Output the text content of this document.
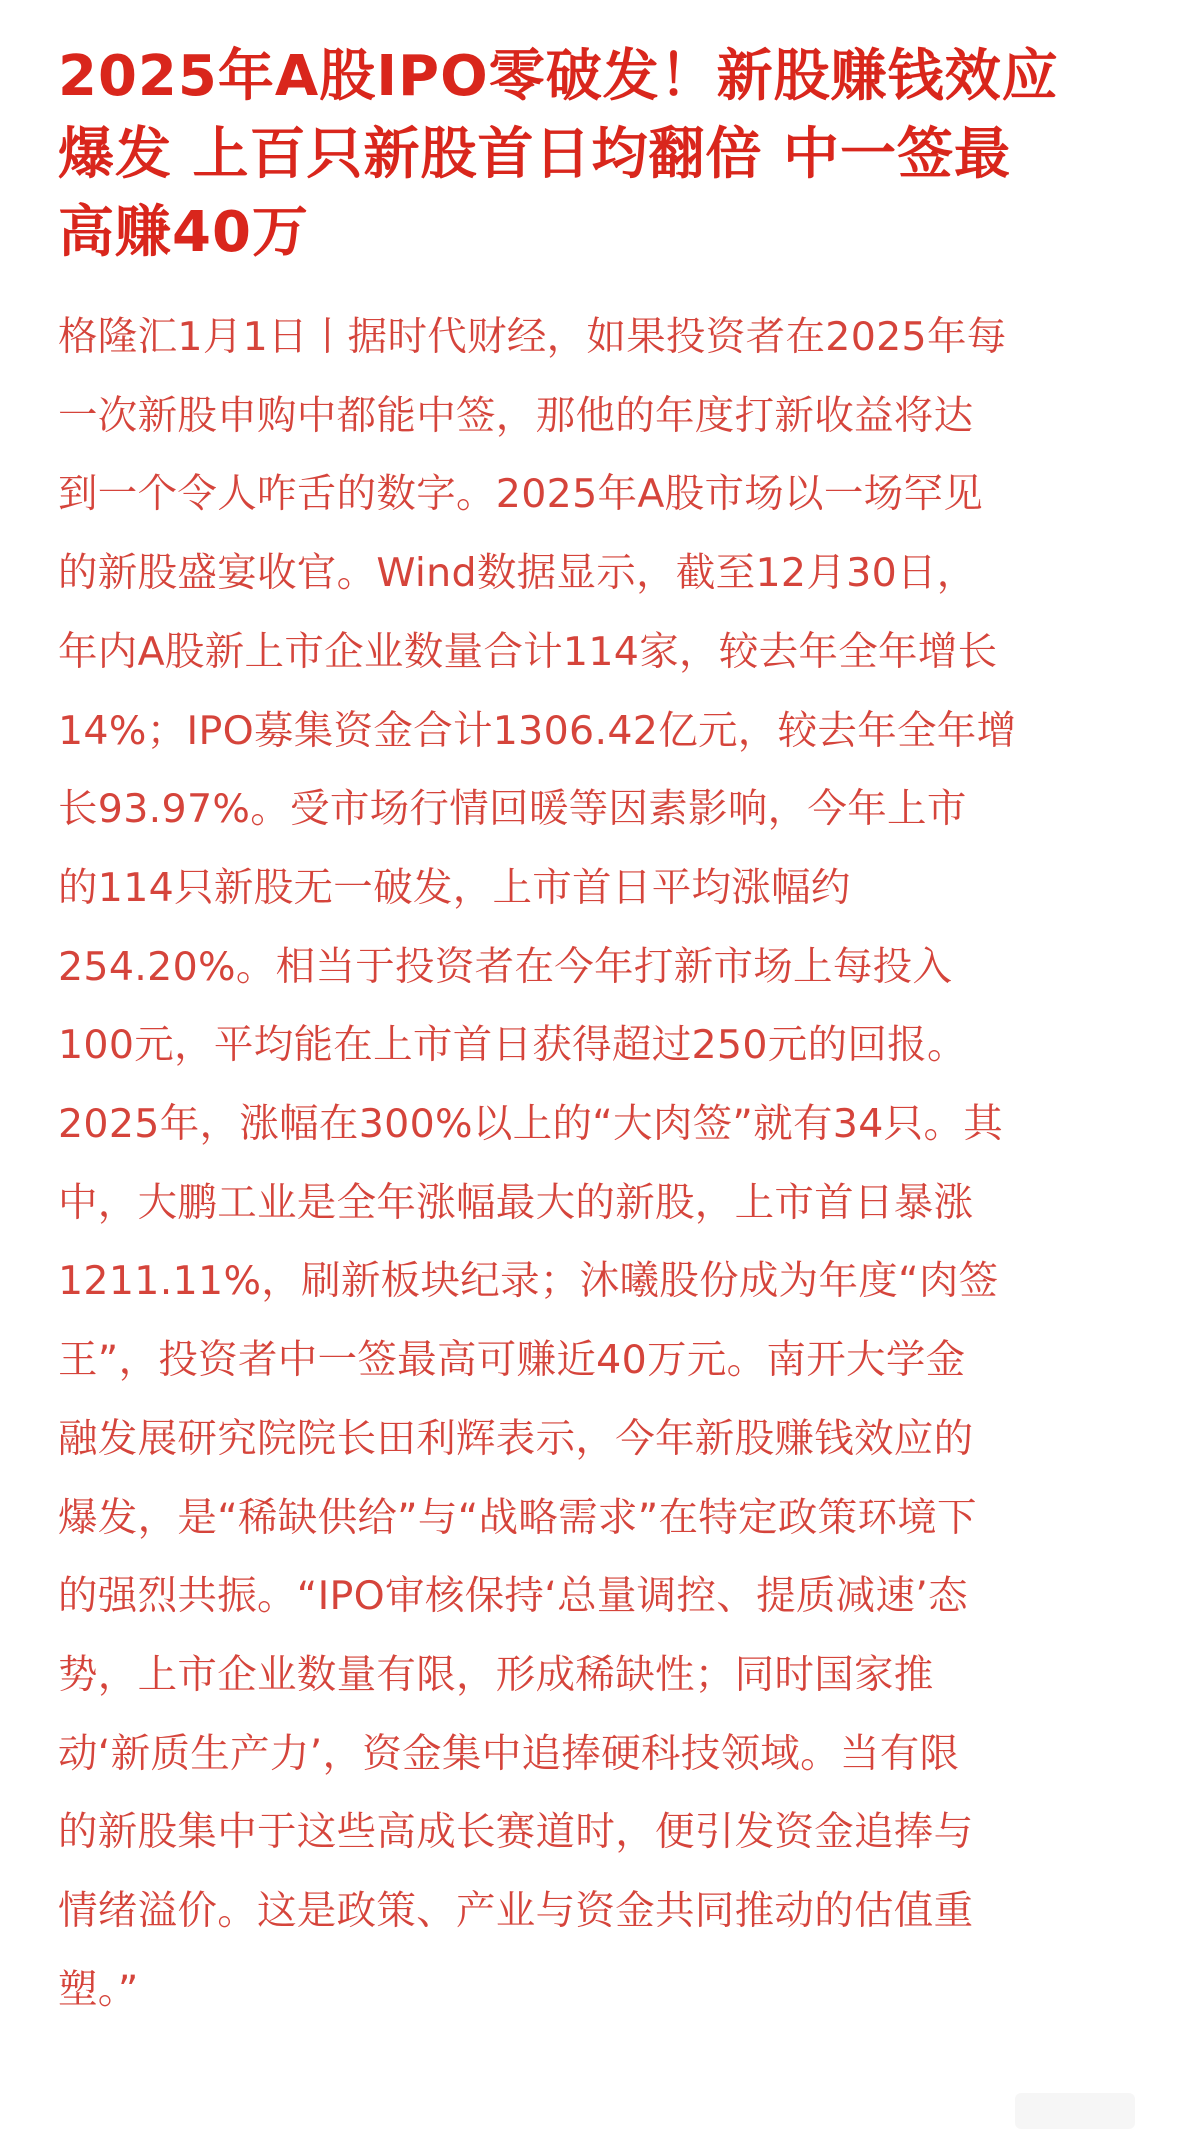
2025年A股IPO零破发！新股赚钱效应
爆发 上百只新股首日均翻倍 中一签最
高赚40万

格隆汇1月1日丨据时代财经，如果投资者在2025年每
一次新股申购中都能中签，那他的年度打新收益将达
到一个令人咋舌的数字。2025年A股市场以一场罕见
的新股盛宴收官。Wind数据显示，截至12月30日，
年内A股新上市企业数量合计114家，较去年全年增长
14%；IPO募集资金合计1306.42亿元，较去年全年增
长93.97%。受市场行情回暖等因素影响，今年上市
的114只新股无一破发，上市首日平均涨幅约
254.20%。相当于投资者在今年打新市场上每投入
100元，平均能在上市首日获得超过250元的回报。
2025年，涨幅在300%以上的“大肉签”就有34只。其
中，大鹏工业是全年涨幅最大的新股，上市首日暴涨
1211.11%，刷新板块纪录；沐曦股份成为年度“肉签
王”，投资者中一签最高可赚近40万元。南开大学金
融发展研究院院长田利辉表示，今年新股赚钱效应的
爆发，是“稀缺供给”与“战略需求”在特定政策环境下
的强烈共振。“IPO审核保持‘总量调控、提质减速’态
势，上市企业数量有限，形成稀缺性；同时国家推
动‘新质生产力’，资金集中追捧硬科技领域。当有限
的新股集中于这些高成长赛道时，便引发资金追捧与
情绪溢价。这是政策、产业与资金共同推动的估值重
塑。”
